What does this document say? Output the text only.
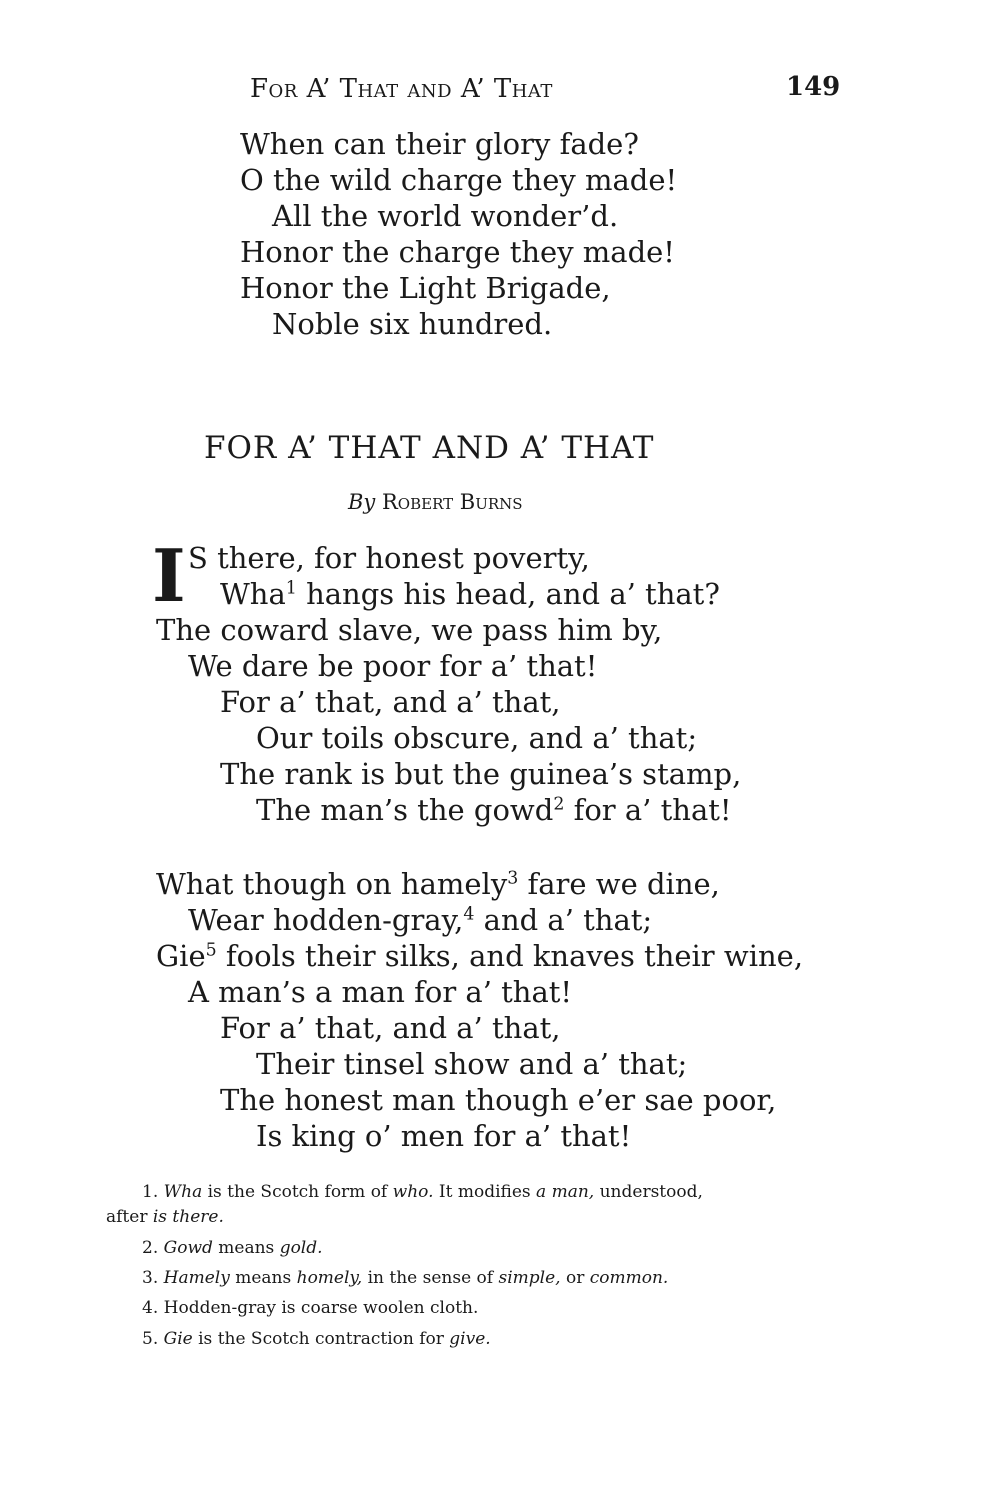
For A’ That and A’ That	149
When can their glory fade?
O the wild charge they made!
All the world wonder’d.
Honor the charge they made!
Honor the Light Brigade,
Noble six hundred.
FOR A’ THAT AND A’ THAT
By Robert Burns
I S there, for honest poverty,
Wha$^1$ hangs his head, and a’ that?
The coward slave, we pass him by,
We dare be poor for a’ that!
For a’ that, and a’ that,
Our toils obscure, and a’ that;
The rank is but the guinea’s stamp,
The man’s the gowd$^2$ for a’ that!
What though on hamely$^3$ fare we dine,
Wear hodden-gray,$^4$ and a’ that;
Gie$^5$ fools their silks, and knaves their wine,
A man’s a man for a’ that!
For a’ that, and a’ that,
Their tinsel show and a’ that;
The honest man though e’er sae poor,
Is king o’ men for a’ that!
1. Wha is the Scotch form of who. It modifies a man, understood,
after is there.
2. Gowd means gold.
3. Hamely means homely, in the sense of simple, or common.
4. Hodden-gray is coarse woolen cloth.
5. Gie is the Scotch contraction for give.
